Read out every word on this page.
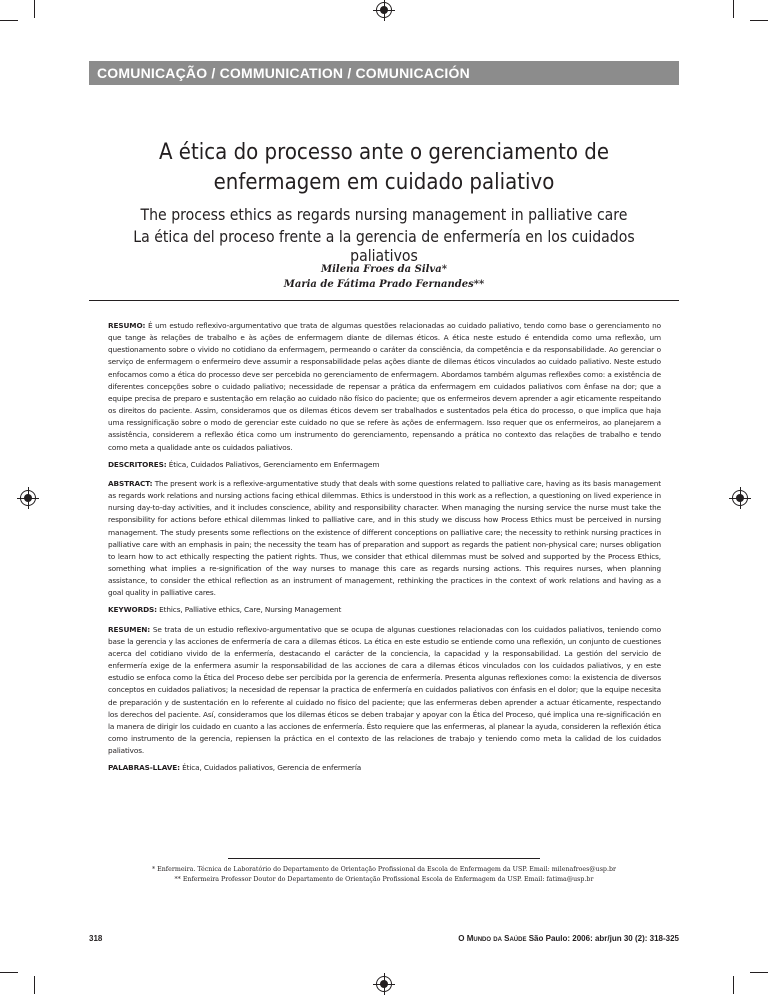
COMUNICAÇÃO / COMMUNICATION / COMUNICACIÓN
A ética do processo ante o gerenciamento de
enfermagem em cuidado paliativo
The process ethics as regards nursing management in palliative care
La ética del proceso frente a la gerencia de enfermería en los cuidados paliativos
Milena Froes da Silva*
Maria de Fátima Prado Fernandes**

RESUMO: É um estudo reflexivo-argumentativo que trata de algumas questões relacionadas ao cuidado paliativo, tendo como base o gerenciamento no que tange às relações de trabalho e às ações de enfermagem diante de dilemas éticos. A ética neste estudo é entendida como uma reflexão, um questionamento sobre o vivido no cotidiano da enfermagem, permeando o caráter da consciência, da competência e da responsabilidade. Ao gerenciar o serviço de enfermagem o enfermeiro deve assumir a responsabilidade pelas ações diante de dilemas éticos vinculados ao cuidado paliativo. Neste estudo enfocamos como a ética do processo deve ser percebida no gerenciamento de enfermagem. Abordamos também algumas reflexões como: a existência de diferentes concepções sobre o cuidado paliativo; necessidade de repensar a prática da enfermagem em cuidados paliativos com ênfase na dor; que a equipe precisa de preparo e sustentação em relação ao cuidado não físico do paciente; que os enfermeiros devem aprender a agir eticamente respeitando os direitos do paciente. Assim, consideramos que os dilemas éticos devem ser trabalhados e sustentados pela ética do processo, o que implica que haja uma ressignificação sobre o modo de gerenciar este cuidado no que se refere às ações de enfermagem. Isso requer que os enfermeiros, ao planejarem a assistência, considerem a reflexão ética como um instrumento do gerenciamento, repensando a prática no contexto das relações de trabalho e tendo como meta a qualidade ante os cuidados paliativos.

DESCRITORES: Ética, Cuidados Paliativos, Gerenciamento em Enfermagem

ABSTRACT: The present work is a reflexive-argumentative study that deals with some questions related to palliative care, having as its basis management as regards work relations and nursing actions facing ethical dilemmas. Ethics is understood in this work as a reflection, a questioning on lived experience in nursing day-to-day activities, and it includes conscience, ability and responsibility character. When managing the nursing service the nurse must take the responsibility for actions before ethical dilemmas linked to palliative care, and in this study we discuss how Process Ethics must be perceived in nursing management. The study presents some reflections on the existence of different conceptions on palliative care; the necessity to rethink nursing practices in palliative care with an emphasis in pain; the necessity the team has of preparation and support as regards the patient non-physical care; nurses obligation to learn how to act ethically respecting the patient rights. Thus, we consider that ethical dilemmas must be solved and supported by the Process Ethics, something what implies a re-signification of the way nurses to manage this care as regards nursing actions. This requires nurses, when planning assistance, to consider the ethical reflection as an instrument of management, rethinking the practices in the context of work relations and having as a goal quality in palliative cares.

KEYWORDS: Ethics, Palliative ethics, Care, Nursing Management

RESUMEN: Se trata de un estudio reflexivo-argumentativo que se ocupa de algunas cuestiones relacionadas con los cuidados paliativos, teniendo como base la gerencia y las acciones de enfermería de cara a dilemas éticos. La ética en este estudio se entiende como una reflexión, un conjunto de cuestiones acerca del cotidiano vivido de la enfermería, destacando el carácter de la conciencia, la capacidad y la responsabilidad. La gestión del servicio de enfermería exige de la enfermera asumir la responsabilidad de las acciones de cara a dilemas éticos vinculados con los cuidados paliativos, y en este estudio se enfoca como la Ética del Proceso debe ser percibida por la gerencia de enfermería. Presenta algunas reflexiones como: la existencia de diversos conceptos en cuidados paliativos; la necesidad de repensar la practica de enfermería en cuidados paliativos con énfasis en el dolor; que la equipe necesita de preparación y de sustentación en lo referente al cuidado no físico del paciente; que las enfermeras deben aprender a actuar éticamente, respectando los derechos del paciente. Así, consideramos que los dilemas éticos se deben trabajar y apoyar con la Ética del Proceso, qué implica una re-significación en la manera de dirigir los cuidado en cuanto a las acciones de enfermería. Ésto requiere que las enfermeras, al planear la ayuda, consideren la reflexión ética como instrumento de la gerencia, repiensen la práctica en el contexto de las relaciones de trabajo y teniendo como meta la calidad de los cuidados paliativos.

PALABRAS-LLAVE: Ética, Cuidados paliativos, Gerencia de enfermería

* Enfermeira. Técnica de Laboratório do Departamento de Orientação Profissional da Escola de Enfermagem da USP. Email: milenafroes@usp.br
** Enfermeira Professor Doutor do Departamento de Orientação Profissional Escola de Enfermagem da USP. Email: fatima@usp.br
318	O Mundo da Saúde São Paulo: 2006: abr/jun 30 (2): 318-325
